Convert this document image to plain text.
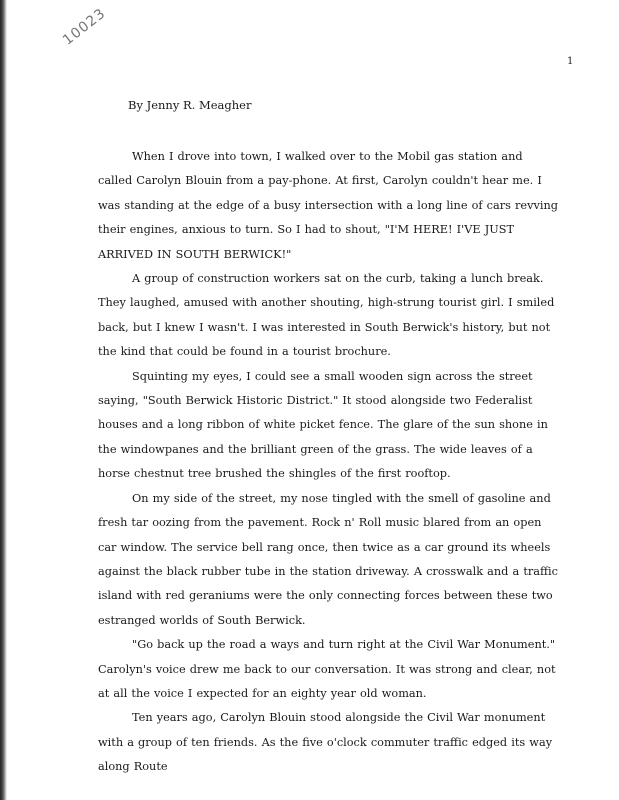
10023
1
By Jenny R. Meagher

When I drove into town, I walked over to the Mobil gas station and called Carolyn Blouin from a pay-phone. At first, Carolyn couldn't hear me. I was standing at the edge of a busy intersection with a long line of cars revving their engines, anxious to turn. So I had to shout, "I'M HERE! I'VE JUST ARRIVED IN SOUTH BERWICK!"

A group of construction workers sat on the curb, taking a lunch break. They laughed, amused with another shouting, high-strung tourist girl. I smiled back, but I knew I wasn't. I was interested in South Berwick's history, but not the kind that could be found in a tourist brochure.

Squinting my eyes, I could see a small wooden sign across the street saying, "South Berwick Historic District." It stood alongside two Federalist houses and a long ribbon of white picket fence. The glare of the sun shone in the windowpanes and the brilliant green of the grass. The wide leaves of a horse chestnut tree brushed the shingles of the first rooftop.

On my side of the street, my nose tingled with the smell of gasoline and fresh tar oozing from the pavement. Rock n' Roll music blared from an open car window. The service bell rang once, then twice as a car ground its wheels against the black rubber tube in the station driveway. A crosswalk and a traffic island with red geraniums were the only connecting forces between these two estranged worlds of South Berwick.

"Go back up the road a ways and turn right at the Civil War Monument." Carolyn's voice drew me back to our conversation. It was strong and clear, not at all the voice I expected for an eighty year old woman.

Ten years ago, Carolyn Blouin stood alongside the Civil War monument with a group of ten friends. As the five o'clock commuter traffic edged its way along Route
